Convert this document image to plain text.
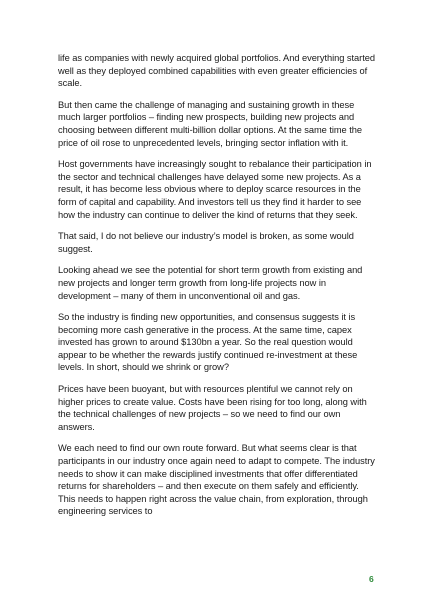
life as companies with newly acquired global portfolios. And everything started well as they deployed combined capabilities with even greater efficiencies of scale.

But then came the challenge of managing and sustaining growth in these much larger portfolios – finding new prospects, building new projects and choosing between different multi-billion dollar options. At the same time the price of oil rose to unprecedented levels, bringing sector inflation with it.

Host governments have increasingly sought to rebalance their participation in the sector and technical challenges have delayed some new projects. As a result, it has become less obvious where to deploy scarce resources in the form of capital and capability. And investors tell us they find it harder to see how the industry can continue to deliver the kind of returns that they seek.

That said, I do not believe our industry’s model is broken, as some would suggest.

Looking ahead we see the potential for short term growth from existing and new projects and longer term growth from long-life projects now in development – many of them in unconventional oil and gas.

So the industry is finding new opportunities, and consensus suggests it is becoming more cash generative in the process. At the same time, capex invested has grown to around $130bn a year. So the real question would appear to be whether the rewards justify continued re-investment at these levels. In short, should we shrink or grow?

Prices have been buoyant, but with resources plentiful we cannot rely on higher prices to create value. Costs have been rising for too long, along with the technical challenges of new projects – so we need to find our own answers.

We each need to find our own route forward. But what seems clear is that participants in our industry once again need to adapt to compete. The industry needs to show it can make disciplined investments that offer differentiated returns for shareholders – and then execute on them safely and efficiently. This needs to happen right across the value chain, from exploration, through engineering services to

6
